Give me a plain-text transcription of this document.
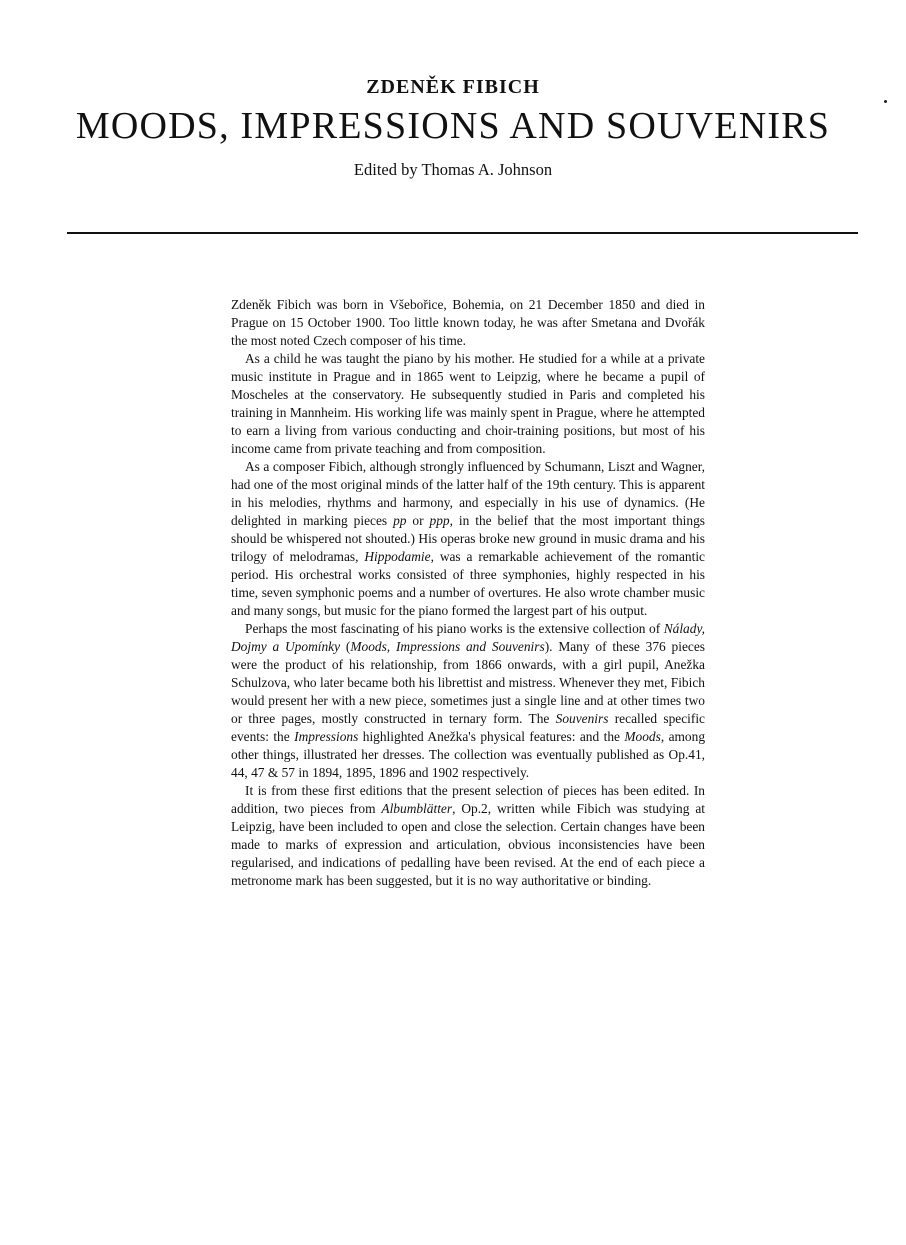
ZDENĚK FIBICH
MOODS, IMPRESSIONS AND SOUVENIRS
Edited by Thomas A. Johnson

Zdeněk Fibich was born in Všebořice, Bohemia, on 21 December 1850 and died in Prague on 15 October 1900. Too little known today, he was after Smetana and Dvořák the most noted Czech composer of his time.

As a child he was taught the piano by his mother. He studied for a while at a private music institute in Prague and in 1865 went to Leipzig, where he became a pupil of Moscheles at the conservatory. He subsequently studied in Paris and completed his training in Mannheim. His working life was mainly spent in Prague, where he attempted to earn a living from various conducting and choir-training positions, but most of his income came from private teaching and from composition.

As a composer Fibich, although strongly influenced by Schumann, Liszt and Wagner, had one of the most original minds of the latter half of the 19th century. This is apparent in his melodies, rhythms and harmony, and especially in his use of dynamics. (He delighted in marking pieces pp or ppp, in the belief that the most important things should be whispered not shouted.) His operas broke new ground in music drama and his trilogy of melodramas, Hippodamie, was a remarkable achievement of the romantic period. His orchestral works consisted of three symphonies, highly respected in his time, seven symphonic poems and a number of overtures. He also wrote chamber music and many songs, but music for the piano formed the largest part of his output.

Perhaps the most fascinating of his piano works is the extensive collection of Nálady, Dojmy a Upomínky (Moods, Impressions and Souvenirs). Many of these 376 pieces were the product of his relationship, from 1866 onwards, with a girl pupil, Anežka Schulzova, who later became both his librettist and mistress. Whenever they met, Fibich would present her with a new piece, sometimes just a single line and at other times two or three pages, mostly constructed in ternary form. The Souvenirs recalled specific events: the Impressions highlighted Anežka's physical features: and the Moods, among other things, illustrated her dresses. The collection was eventually published as Op.41, 44, 47 & 57 in 1894, 1895, 1896 and 1902 respectively.

It is from these first editions that the present selection of pieces has been edited. In addition, two pieces from Albumblätter, Op.2, written while Fibich was studying at Leipzig, have been included to open and close the selection. Certain changes have been made to marks of expression and articulation, obvious inconsistencies have been regularised, and indications of pedalling have been revised. At the end of each piece a metronome mark has been suggested, but it is no way authoritative or binding.
